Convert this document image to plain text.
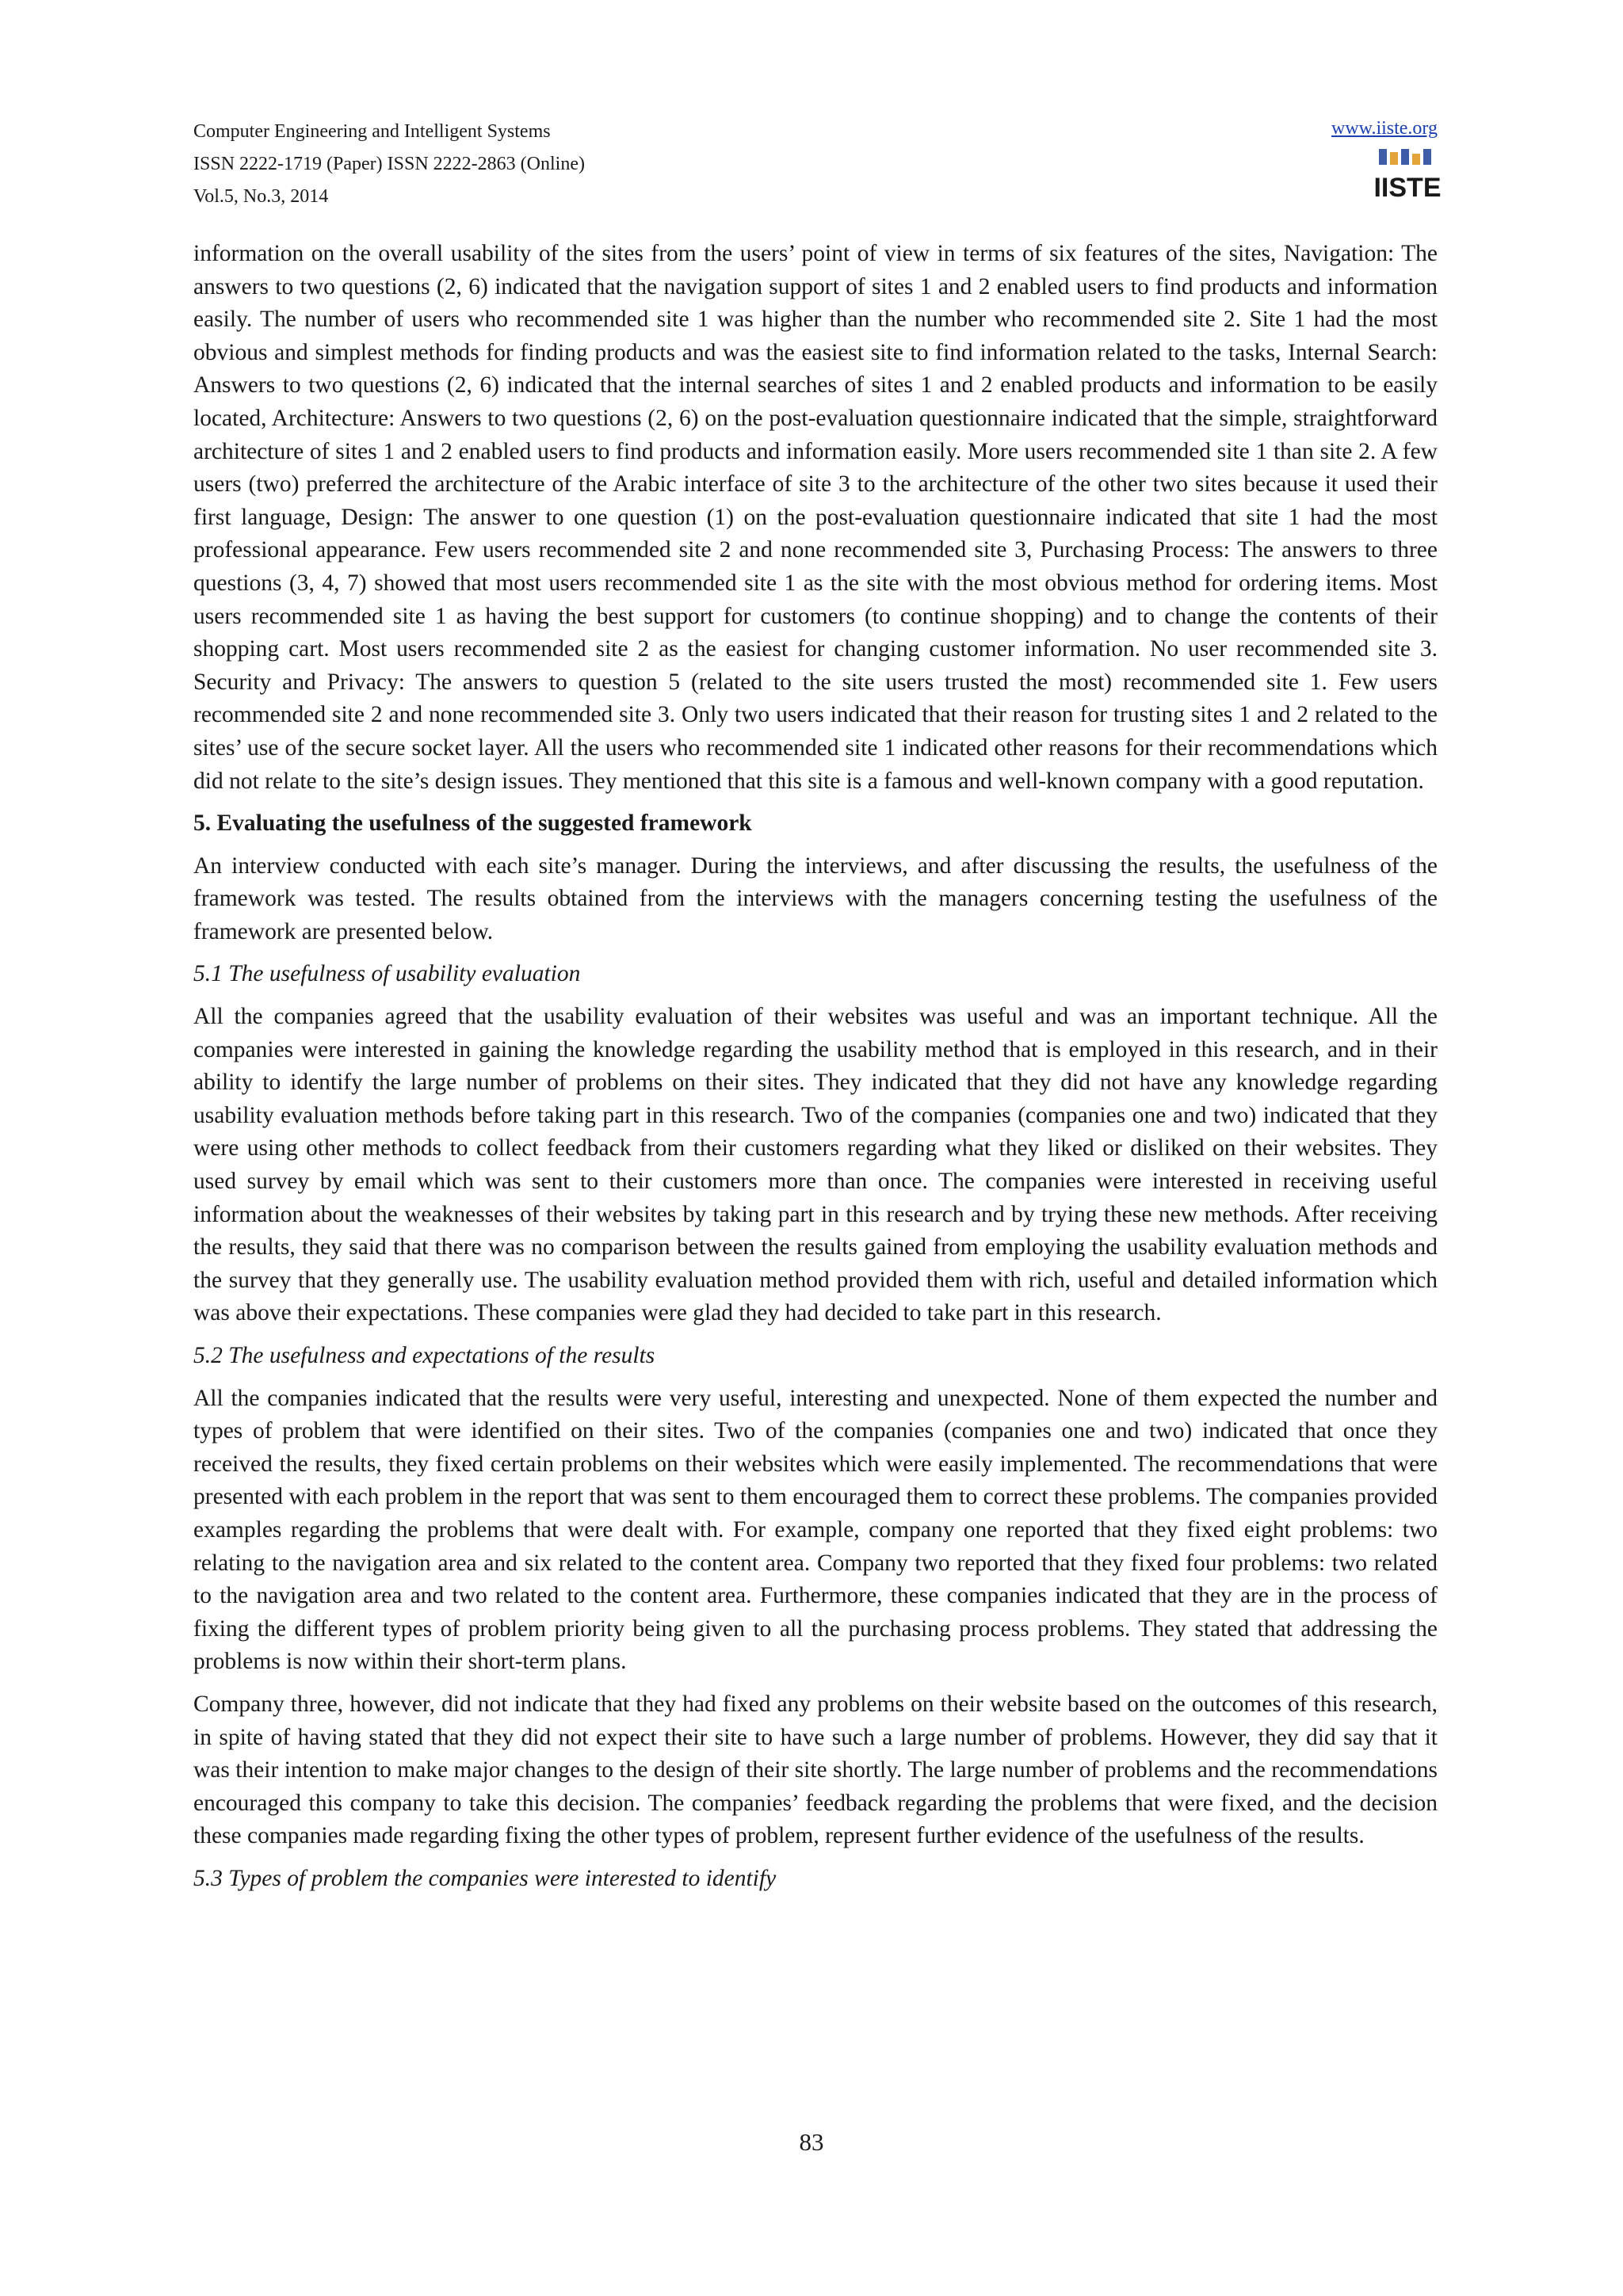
Computer Engineering and Intelligent Systems
ISSN 2222-1719 (Paper) ISSN 2222-2863 (Online)
Vol.5, No.3, 2014
www.iiste.org
IISTE

information on the overall usability of the sites from the users’ point of view in terms of six features of the sites, Navigation: The answers to two questions (2, 6) indicated that the navigation support of sites 1 and 2 enabled users to find products and information easily. The number of users who recommended site 1 was higher than the number who recommended site 2. Site 1 had the most obvious and simplest methods for finding products and was the easiest site to find information related to the tasks, Internal Search: Answers to two questions (2, 6) indicated that the internal searches of sites 1 and 2 enabled products and information to be easily located, Architecture: Answers to two questions (2, 6) on the post-evaluation questionnaire indicated that the simple, straightforward architecture of sites 1 and 2 enabled users to find products and information easily. More users recommended site 1 than site 2. A few users (two) preferred the architecture of the Arabic interface of site 3 to the architecture of the other two sites because it used their first language, Design: The answer to one question (1) on the post-evaluation questionnaire indicated that site 1 had the most professional appearance. Few users recommended site 2 and none recommended site 3, Purchasing Process: The answers to three questions (3, 4, 7) showed that most users recommended site 1 as the site with the most obvious method for ordering items. Most users recommended site 1 as having the best support for customers (to continue shopping) and to change the contents of their shopping cart. Most users recommended site 2 as the easiest for changing customer information. No user recommended site 3. Security and Privacy: The answers to question 5 (related to the site users trusted the most) recommended site 1. Few users recommended site 2 and none recommended site 3. Only two users indicated that their reason for trusting sites 1 and 2 related to the sites’ use of the secure socket layer. All the users who recommended site 1 indicated other reasons for their recommendations which did not relate to the site’s design issues. They mentioned that this site is a famous and well-known company with a good reputation.

5. Evaluating the usefulness of the suggested framework

An interview conducted with each site’s manager. During the interviews, and after discussing the results, the usefulness of the framework was tested. The results obtained from the interviews with the managers concerning testing the usefulness of the framework are presented below.

5.1 The usefulness of usability evaluation

All the companies agreed that the usability evaluation of their websites was useful and was an important technique. All the companies were interested in gaining the knowledge regarding the usability method that is employed in this research, and in their ability to identify the large number of problems on their sites. They indicated that they did not have any knowledge regarding usability evaluation methods before taking part in this research. Two of the companies (companies one and two) indicated that they were using other methods to collect feedback from their customers regarding what they liked or disliked on their websites. They used survey by email which was sent to their customers more than once. The companies were interested in receiving useful information about the weaknesses of their websites by taking part in this research and by trying these new methods. After receiving the results, they said that there was no comparison between the results gained from employing the usability evaluation methods and the survey that they generally use. The usability evaluation method provided them with rich, useful and detailed information which was above their expectations. These companies were glad they had decided to take part in this research.

5.2 The usefulness and expectations of the results

All the companies indicated that the results were very useful, interesting and unexpected. None of them expected the number and types of problem that were identified on their sites. Two of the companies (companies one and two) indicated that once they received the results, they fixed certain problems on their websites which were easily implemented. The recommendations that were presented with each problem in the report that was sent to them encouraged them to correct these problems. The companies provided examples regarding the problems that were dealt with. For example, company one reported that they fixed eight problems: two relating to the navigation area and six related to the content area. Company two reported that they fixed four problems: two related to the navigation area and two related to the content area. Furthermore, these companies indicated that they are in the process of fixing the different types of problem priority being given to all the purchasing process problems. They stated that addressing the problems is now within their short-term plans.

Company three, however, did not indicate that they had fixed any problems on their website based on the outcomes of this research, in spite of having stated that they did not expect their site to have such a large number of problems. However, they did say that it was their intention to make major changes to the design of their site shortly. The large number of problems and the recommendations encouraged this company to take this decision. The companies’ feedback regarding the problems that were fixed, and the decision these companies made regarding fixing the other types of problem, represent further evidence of the usefulness of the results.

5.3 Types of problem the companies were interested to identify

83
